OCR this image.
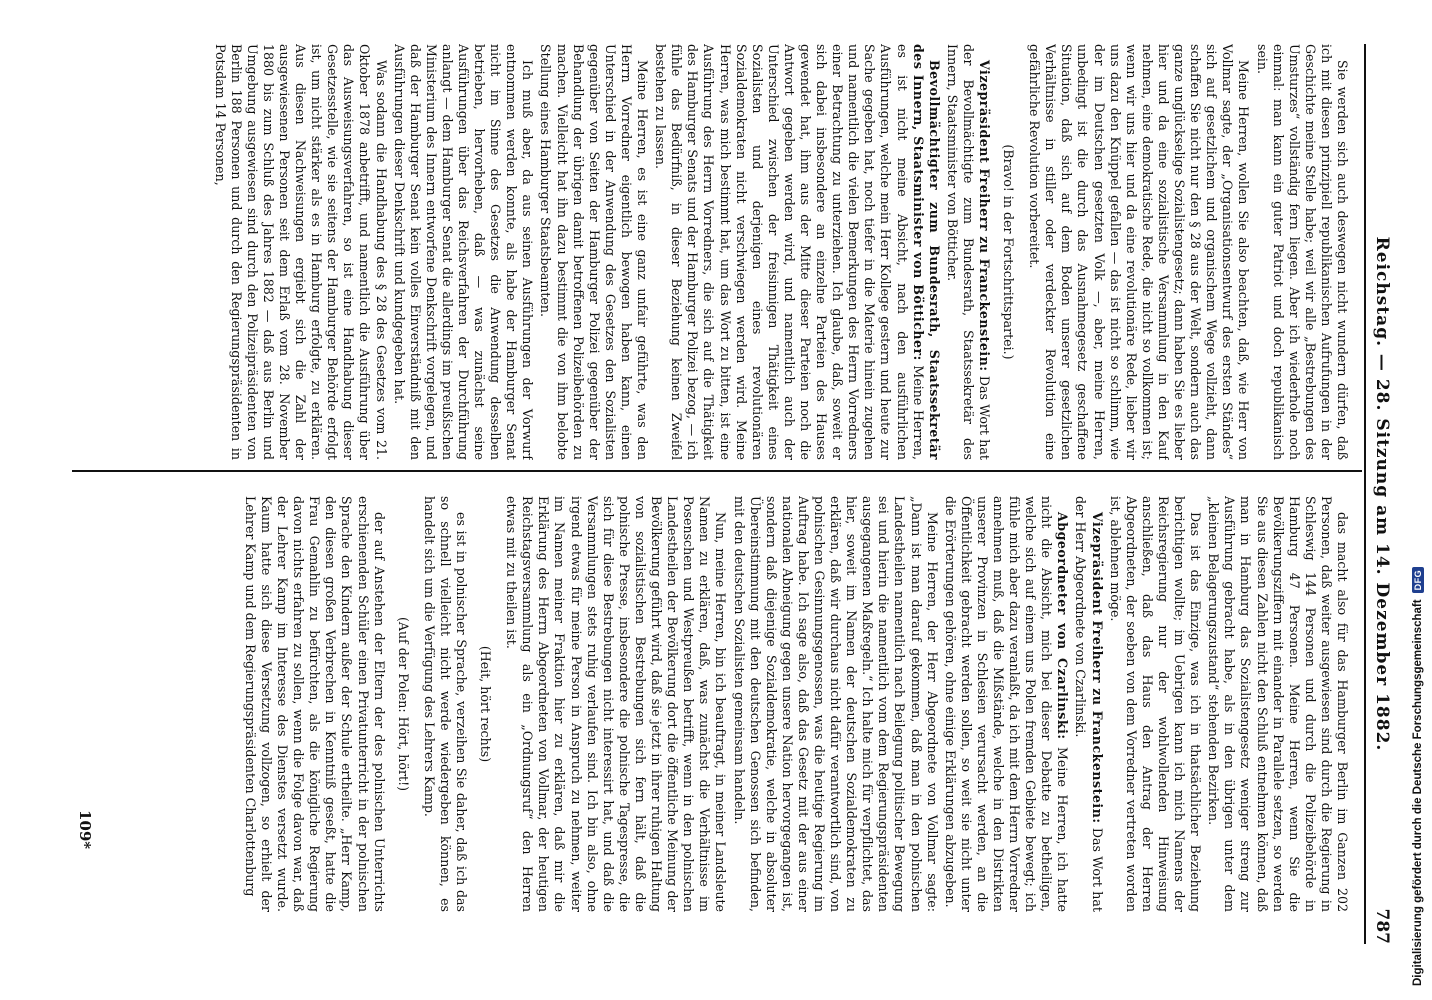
Reichstag. — 28. Sitzung am 14. Dezember 1882.
787

Sie werden sich auch deswegen nicht wundern dürfen, daß ich mit diesen prinzipiell republikanischen Aufrufungen in der Geschichte meine Stelle habe; weil wir alle „Bestrebungen des Umsturzes“ vollständig fern liegen. Aber ich wiederhole noch einmal: man kann ein guter Patriot und doch republikanisch sein.

Meine Herren, wollen Sie also beachten, daß, wie Herr von Vollmar sagte, der „Organisationsentwurf des ersten Ständes“ sich auf gesetzlichem und organischem Wege vollzieht, dann schaffen Sie nicht nur den § 28 aus der Welt, sondern auch das ganze unglückselige Sozialistengesetz; dann haben Sie es lieber hier und da eine sozialistische Versammlung in den Kauf nehmen, eine demokratische Rede, die nicht so vollkommen ist; wenn wir uns hier und da eine revolutionäre Rede, lieber wir uns dazu den Knüppel gefallen — das ist nicht so schlimm, wie der im Deutschen gesetzten Volk —, aber, meine Herren, unbedingt ist die durch das Ausnahmegesetz geschaffene Situation, daß sich auf dem Boden unserer gesetzlichen Verhältnisse in stiller oder verdeckter Revolution eine gefährliche Revolution vorbereitet.

(Bravo! in der Fortschrittspartei.)

Vizepräsident Freiherr zu Franckenstein: Das Wort hat der Bevollmächtigte zum Bundesrath, Staatssekretär des Innern, Staatsminister von Bötticher.

Bevollmächtigter zum Bundesrath, Staatssekretär des Innern, Staatsminister von Bötticher: Meine Herren, es ist nicht meine Absicht, nach den ausführlichen Ausführungen, welche mein Herr Kollege gestern und heute zur Sache gegeben hat, noch tiefer in die Materie hinein zugehen und namentlich die vielen Bemerkungen des Herrn Vorredners einer Betrachtung zu unterziehen. Ich glaube, daß, soweit er sich dabei insbesondere an einzelne Parteien des Hauses gewendet hat, ihm aus der Mitte dieser Parteien noch die Antwort gegeben werden wird, und namentlich auch der Unterschied zwischen der freisinnigen Thätigkeit eines Sozialisten und derjenigen eines revolutionären Sozialdemokraten nicht verschwiegen werden wird. Meine Herren, was mich bestimmt hat, um das Wort zu bitten, ist eine Ausführung des Herrn Vorredners, die sich auf die Thätigkeit des Hamburger Senats und der Hamburger Polizei bezog, — ich fühle das Bedürfniß, in dieser Beziehung keinen Zweifel bestehen zu lassen.

Meine Herren, es ist eine ganz unfair geführte, was den Herrn Vorredner eigentlich bewogen haben kann, einen Unterschied in der Anwendung des Gesetzes den Sozialisten gegenüber von Seiten der Hamburger Polizei gegenüber der Behandlung der übrigen damit betroffenen Polizeibehörden zu machen. Vielleicht hat ihn dazu bestimmt die von ihm belobte Stellung eines Hamburger Staatsbeamten.

Ich muß aber, da aus seinen Ausführungen der Vorwurf entnommen werden konnte, als habe der Hamburger Senat nicht im Sinne des Gesetzes die Anwendung desselben betrieben, hervorheben, daß — was zunächst seine Ausführungen über das Reichsverfahren der Durchführung anlangt — dem Hamburger Senat die allerdings im preußischen Ministerium des Innern entworfene Denkschrift vorgelegen, und daß der Hamburger Senat kein volles Einverständniß mit den Ausführungen dieser Denkschrift und kundgegeben hat.

Was sodann die Handhabung des § 28 des Gesetzes vom 21. Oktober 1878 anbetrifft, und namentlich die Ausführung über das Ausweisungsverfahren, so ist eine Handhabung dieser Gesetzesstelle, wie sie seitens der Hamburger Behörde erfolgt ist, um nicht stärker als es in Hamburg erfolgte, zu erklären. Aus diesen Nachweisungen ergiebt sich die Zahl der ausgewiesenen Personen seit dem Erlaß vom 28. November 1880 bis zum Schluß des Jahres 1882 — daß aus Berlin und Umgebung ausgewiesen sind durch den Polizeipräsidenten von Berlin 188 Personen und durch den Regierungspräsidenten in Potsdam 14 Personen,

das macht also für das Hamburger Berlin im Ganzen 202 Personen, daß weiter ausgewiesen sind durch die Regierung in Schleswig 144 Personen und durch die Polizeibehörde in Hamburg 47 Personen. Meine Herren, wenn Sie die Bevölkerungsziffern mit einander in Parallele setzen, so werden Sie aus diesen Zahlen nicht den Schluß entnehmen können, daß man in Hamburg das Sozialistengesetz weniger streng zur Ausführung gebracht habe, als in den übrigen unter dem „kleinen Belagerungszustand“ stehenden Bezirken.

Das ist das Einzige, was ich in thatsächlicher Beziehung berichtigen wollte; im Uebrigen kann ich mich Namens der Reichsregierung nur der wohlwollenden Hinweisung anschließen, daß das Haus den Antrag der Herren Abgeordneten, der soeben von dem Vorredner vertreten worden ist, ablehnen möge.

Vizepräsident Freiherr zu Franckenstein: Das Wort hat der Herr Abgeordnete von Czarlinski.

Abgeordneter von Czarlinski: Meine Herren, ich hatte nicht die Absicht, mich bei dieser Debatte zu betheiligen, welche sich auf einem uns Polen fremden Gebiete bewegt; ich fühle mich aber dazu veranlaßt, da ich mit dem Herrn Vorredner annehmen muß, daß die Mißstände, welche in den Distrikten unserer Provinzen in Schlesien verursacht werden, an die Öffentlichkeit gebracht werden sollen, so weit sie nicht unter die Erörterungen gehören, ohne einige Erklärungen abzugeben.

Meine Herren, der Herr Abgeordnete von Vollmar sagte: „Dann ist man darauf gekommen, daß man in den polnischen Landestheilen namentlich nach Beilegung politischer Bewegung sei und hierin die namentlich vom dem Regierungspräsidenten ausgegangenen Maßregeln.“ Ich halte mich für verpflichtet, das hier, soweit im Namen der deutschen Sozialdemokraten zu erklären, daß wir durchaus nicht dafür verantwortlich sind, von polnischen Gesinnungsgenossen, was die heutige Regierung im Auftrag habe. Ich sage also, daß das Gesetz mit der aus einer nationalen Abneigung gegen unsere Nation hervorgegangen ist, sondern daß diejenige Sozialdemokratie, welche in absoluter Übereinstimmung mit den deutschen Genossen sich befinden, mit den deutschen Sozialisten gemeinsam handeln.

Nun, meine Herren, bin ich beauftragt, in meiner Landsleute Namen zu erklären, daß, was zunächst die Verhältnisse im Posenschen und Westpreußen betrifft, wenn in den polnischen Landestheilen der Bevölkerung dort die öffentliche Meinung der Bevölkerung geführt wird, daß sie jetzt in ihrer ruhigen Haltung von sozialistischen Bestrebungen sich fern hält, daß die polnische Presse, insbesondere die polnische Tagespresse, die sich für diese Bestrebungen nicht interessirt hat, und daß die Versammlungen stets ruhig verlaufen sind. Ich bin also, ohne irgend etwas für meine Person in Anspruch zu nehmen, weiter im Namen meiner Fraktion hier zu erklären, daß mir die Erklärung des Herrn Abgeordneten von Vollmar, der heutigen Reichstagsversammlung als ein „Ordnungsruf“ den Herren etwas mit zu theilen ist.

(Heit, hört rechts)

es ist in polnischer Sprache, verzeihen Sie daher, daß ich das so schnell vielleicht nicht werde wiedergeben können, es handelt sich um die Verfügung des Lehrers Kamp.

(Auf der Polen: Hört, hört!)

der auf Anstehen der Eltern der des polnischen Unterrichts erschienenden Schüler einen Privatunterricht in der polnischen Sprache den Kindern außer der Schule ertheilte. „Herr Kamp, den diesen großen Verbrechen in Kenntniß geseßt, hatte die Frau Gemahlin zu befürchten, als die königliche Regierung davon nichts erfahren zu sollen, wenn die Folge davon war, daß der Lehrer Kamp im Interesse des Dienstes versetzt wurde. Kaum hatte sich diese Versetzung vollzogen, so erhielt der Lehrer Kamp und dem Regierungspräsidenten Charlottenburg

109*	Digitalisierung gefördert durch die Deutsche Forschungsgemeinschaft
DFG
